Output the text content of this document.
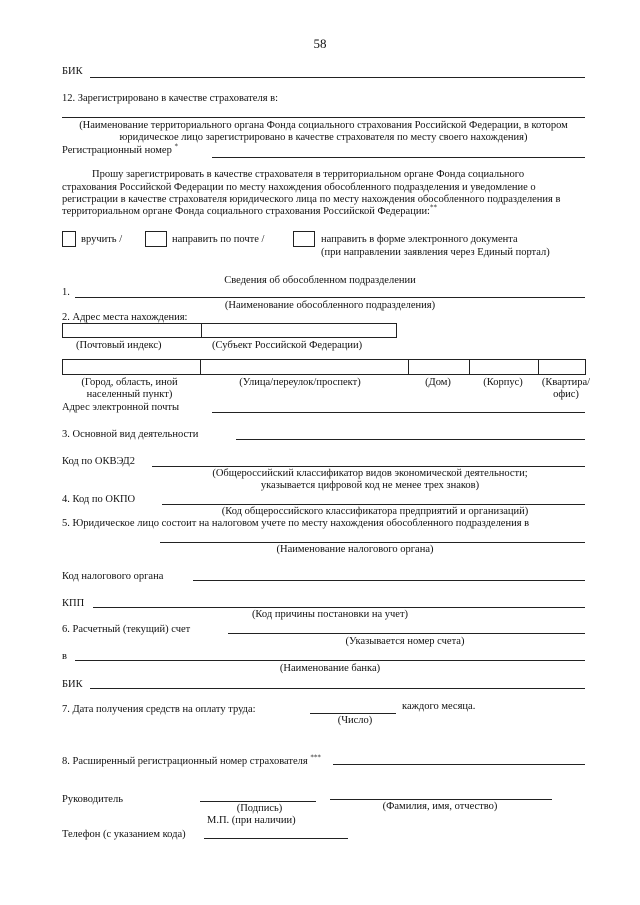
58
БИК
12. Зарегистрировано в качестве страхователя в:
(Наименование территориального органа Фонда социального страхования Российской Федерации, в котором
юридическое лицо зарегистрировано в качестве страхователя по месту своего нахождения)
Регистрационный номер *
Прошу зарегистрировать в качестве страхователя в территориальном органе Фонда социального
страхования Российской Федерации по месту нахождения обособленного подразделения и уведомление о
регистрации в качестве страхователя юридического лица по месту нахождения обособленного подразделения в
территориальном органе Фонда социального страхования Российской Федерации:**
вручить /	направить по почте /	направить в форме электронного документа
(при направлении заявления через Единый портал)
Сведения об обособленном подразделении
1.
(Наименование обособленного подразделения)
2. Адрес места нахождения:
(Почтовый индекс)	(Субъект Российской Федерации)
(Город, область, иной
населенный пункт)
(Улица/переулок/проспект)	(Дом)	(Корпус)	(Квартира/
офис)
Адрес электронной почты
3. Основной вид деятельности
Код по ОКВЭД2
(Общероссийский классификатор видов экономической деятельности;
указывается цифровой код не менее трех знаков)
4. Код по ОКПО
(Код общероссийского классификатора предприятий и организаций)
5. Юридическое лицо состоит на налоговом учете по месту нахождения обособленного подразделения в
(Наименование налогового органа)
Код налогового органа
КПП
(Код причины постановки на учет)
6. Расчетный (текущий) счет
(Указывается номер счета)
в
(Наименование банка)
БИК
7. Дата получения средств на оплату труда:	каждого месяца.
(Число)
8. Расширенный регистрационный номер страхователя ***
Руководитель
(Подпись)	(Фамилия, имя, отчество)
М.П. (при наличии)
Телефон (с указанием кода)
